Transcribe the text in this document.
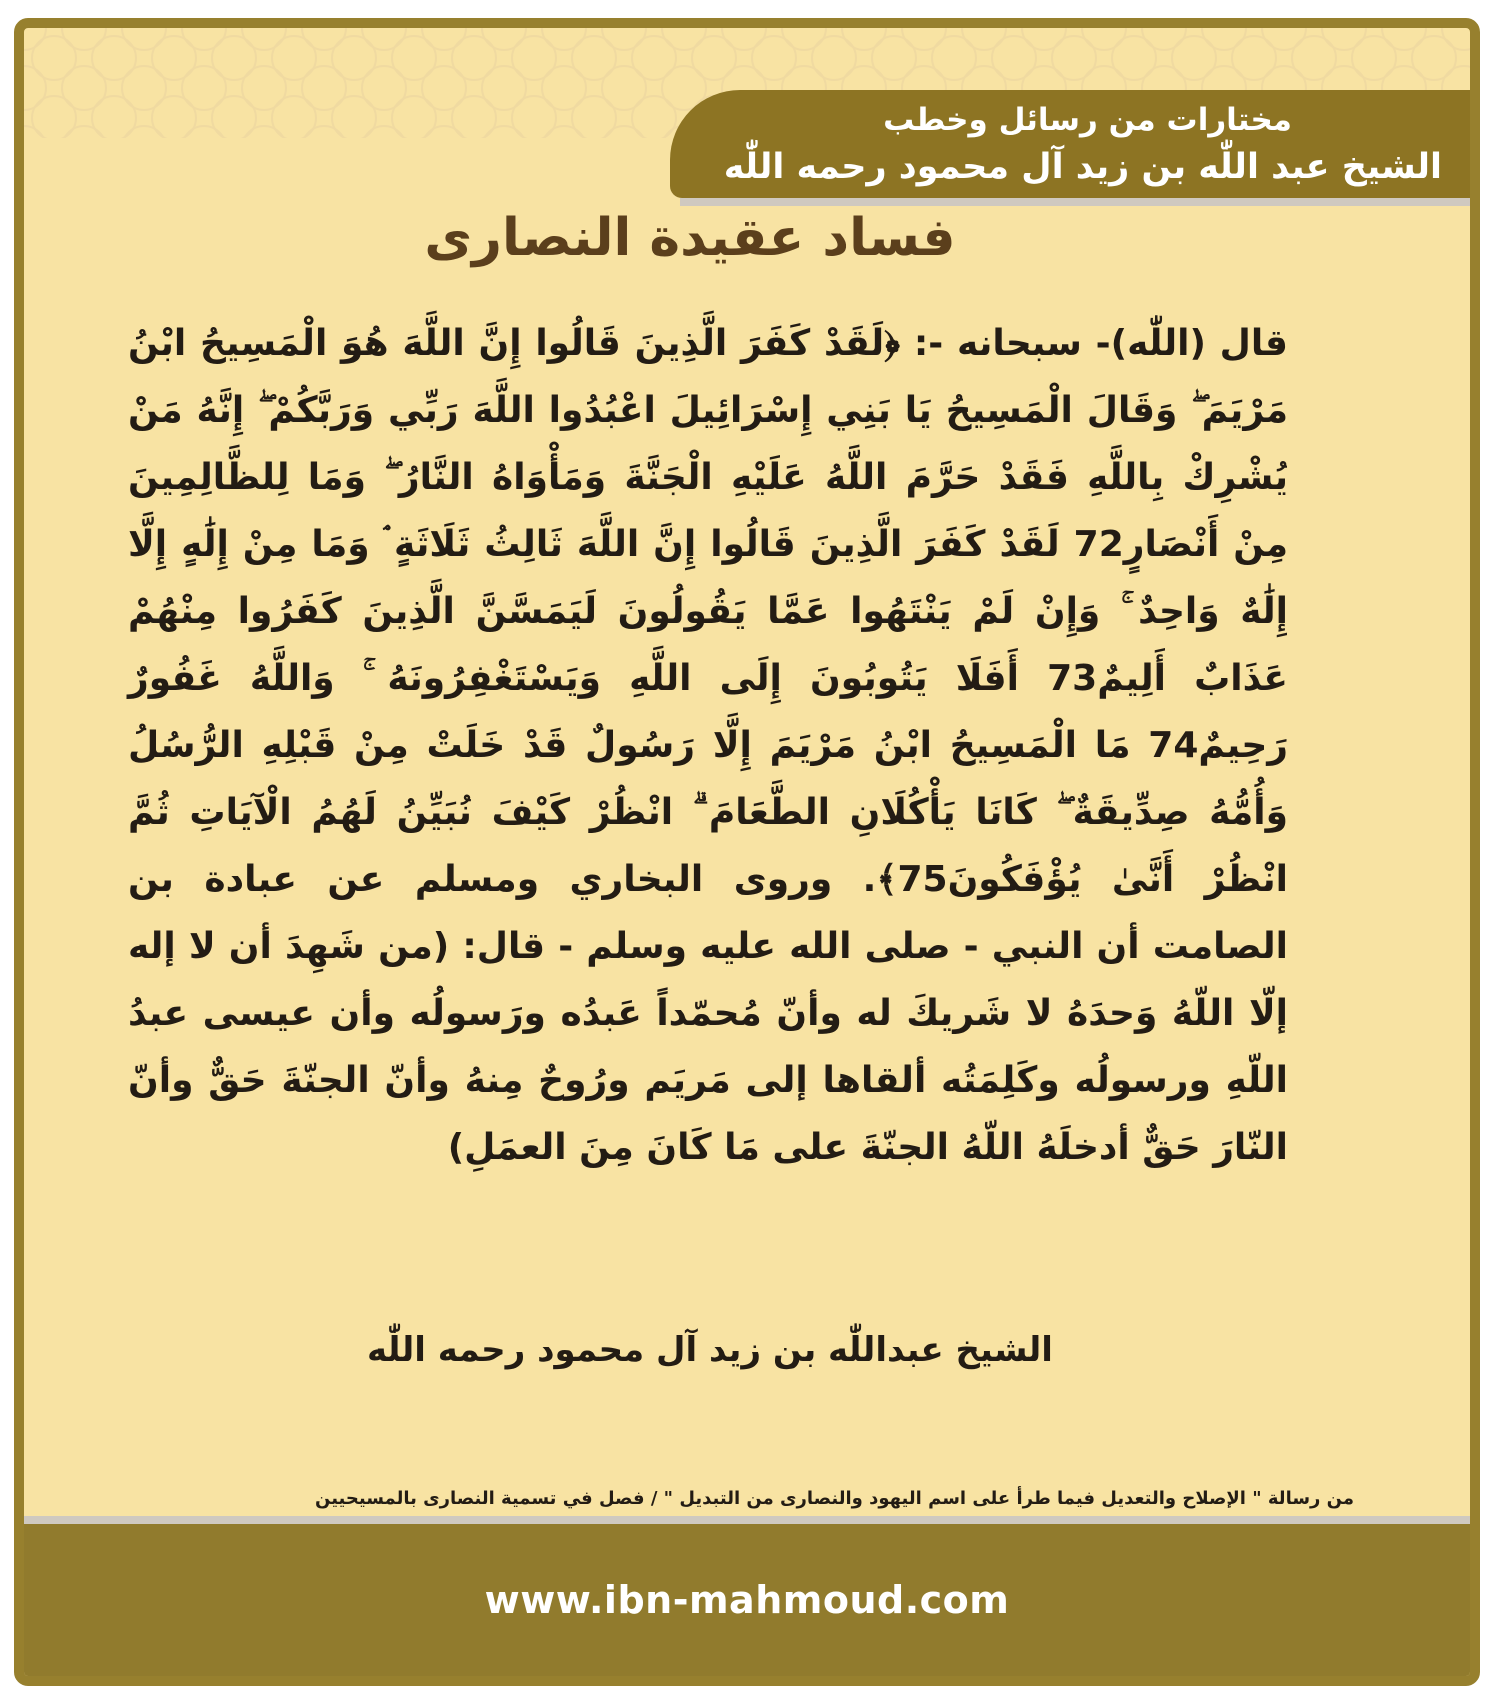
مختارات من رسائل وخطب
الشيخ عبد اللّٰه بن زيد آل محمود رحمه اللّٰه
www.ibn-mahmoud.com
فساد عقيدة النصارى
قال (اللّٰه)- سبحانه -: ﴿لَقَدْ كَفَرَ الَّذِينَ قَالُوا إِنَّ اللَّهَ هُوَ الْمَسِيحُ ابْنُ مَرْيَمَ ۖ وَقَالَ الْمَسِيحُ يَا بَنِي إِسْرَائِيلَ اعْبُدُوا اللَّهَ رَبِّي وَرَبَّكُمْ ۖ إِنَّهُ مَنْ يُشْرِكْ بِاللَّهِ فَقَدْ حَرَّمَ اللَّهُ عَلَيْهِ الْجَنَّةَ وَمَأْوَاهُ النَّارُ ۖ وَمَا لِلظَّالِمِينَ مِنْ أَنْصَارٍ72 لَقَدْ كَفَرَ الَّذِينَ قَالُوا إِنَّ اللَّهَ ثَالِثُ ثَلَاثَةٍ ۘ وَمَا مِنْ إِلَٰهٍ إِلَّا إِلَٰهٌ وَاحِدٌ ۚ وَإِنْ لَمْ يَنْتَهُوا عَمَّا يَقُولُونَ لَيَمَسَّنَّ الَّذِينَ كَفَرُوا مِنْهُمْ عَذَابٌ أَلِيمٌ73 أَفَلَا يَتُوبُونَ إِلَى اللَّهِ وَيَسْتَغْفِرُونَهُ ۚ وَاللَّهُ غَفُورٌ رَحِيمٌ74 مَا الْمَسِيحُ ابْنُ مَرْيَمَ إِلَّا رَسُولٌ قَدْ خَلَتْ مِنْ قَبْلِهِ الرُّسُلُ وَأُمُّهُ صِدِّيقَةٌ ۖ كَانَا يَأْكُلَانِ الطَّعَامَ ۗ انْظُرْ كَيْفَ نُبَيِّنُ لَهُمُ الْآيَاتِ ثُمَّ انْظُرْ أَنَّىٰ يُؤْفَكُونَ75﴾. وروى البخاري ومسلم عن عبادة بن الصامت أن النبي - صلى الله عليه وسلم - قال: (من شَهِدَ أن لا إله إلّا اللّهُ وَحدَهُ لا شَريكَ له وأنّ مُحمّداً عَبدُه ورَسولُه وأن عيسى عبدُ اللّهِ ورسولُه وكَلِمَتُه ألقاها إلى مَريَم ورُوحٌ مِنهُ وأنّ الجنّةَ حَقٌّ وأنّ النّارَ حَقٌّ أدخلَهُ اللّهُ الجنّةَ على مَا كَانَ مِنَ العمَلِ)
الشيخ عبداللّٰه بن زيد آل محمود رحمه اللّٰه
من رسالة " الإصلاح والتعديل فيما طرأ على اسم اليهود والنصارى من التبديل " / فصل في تسمية النصارى بالمسيحيين
